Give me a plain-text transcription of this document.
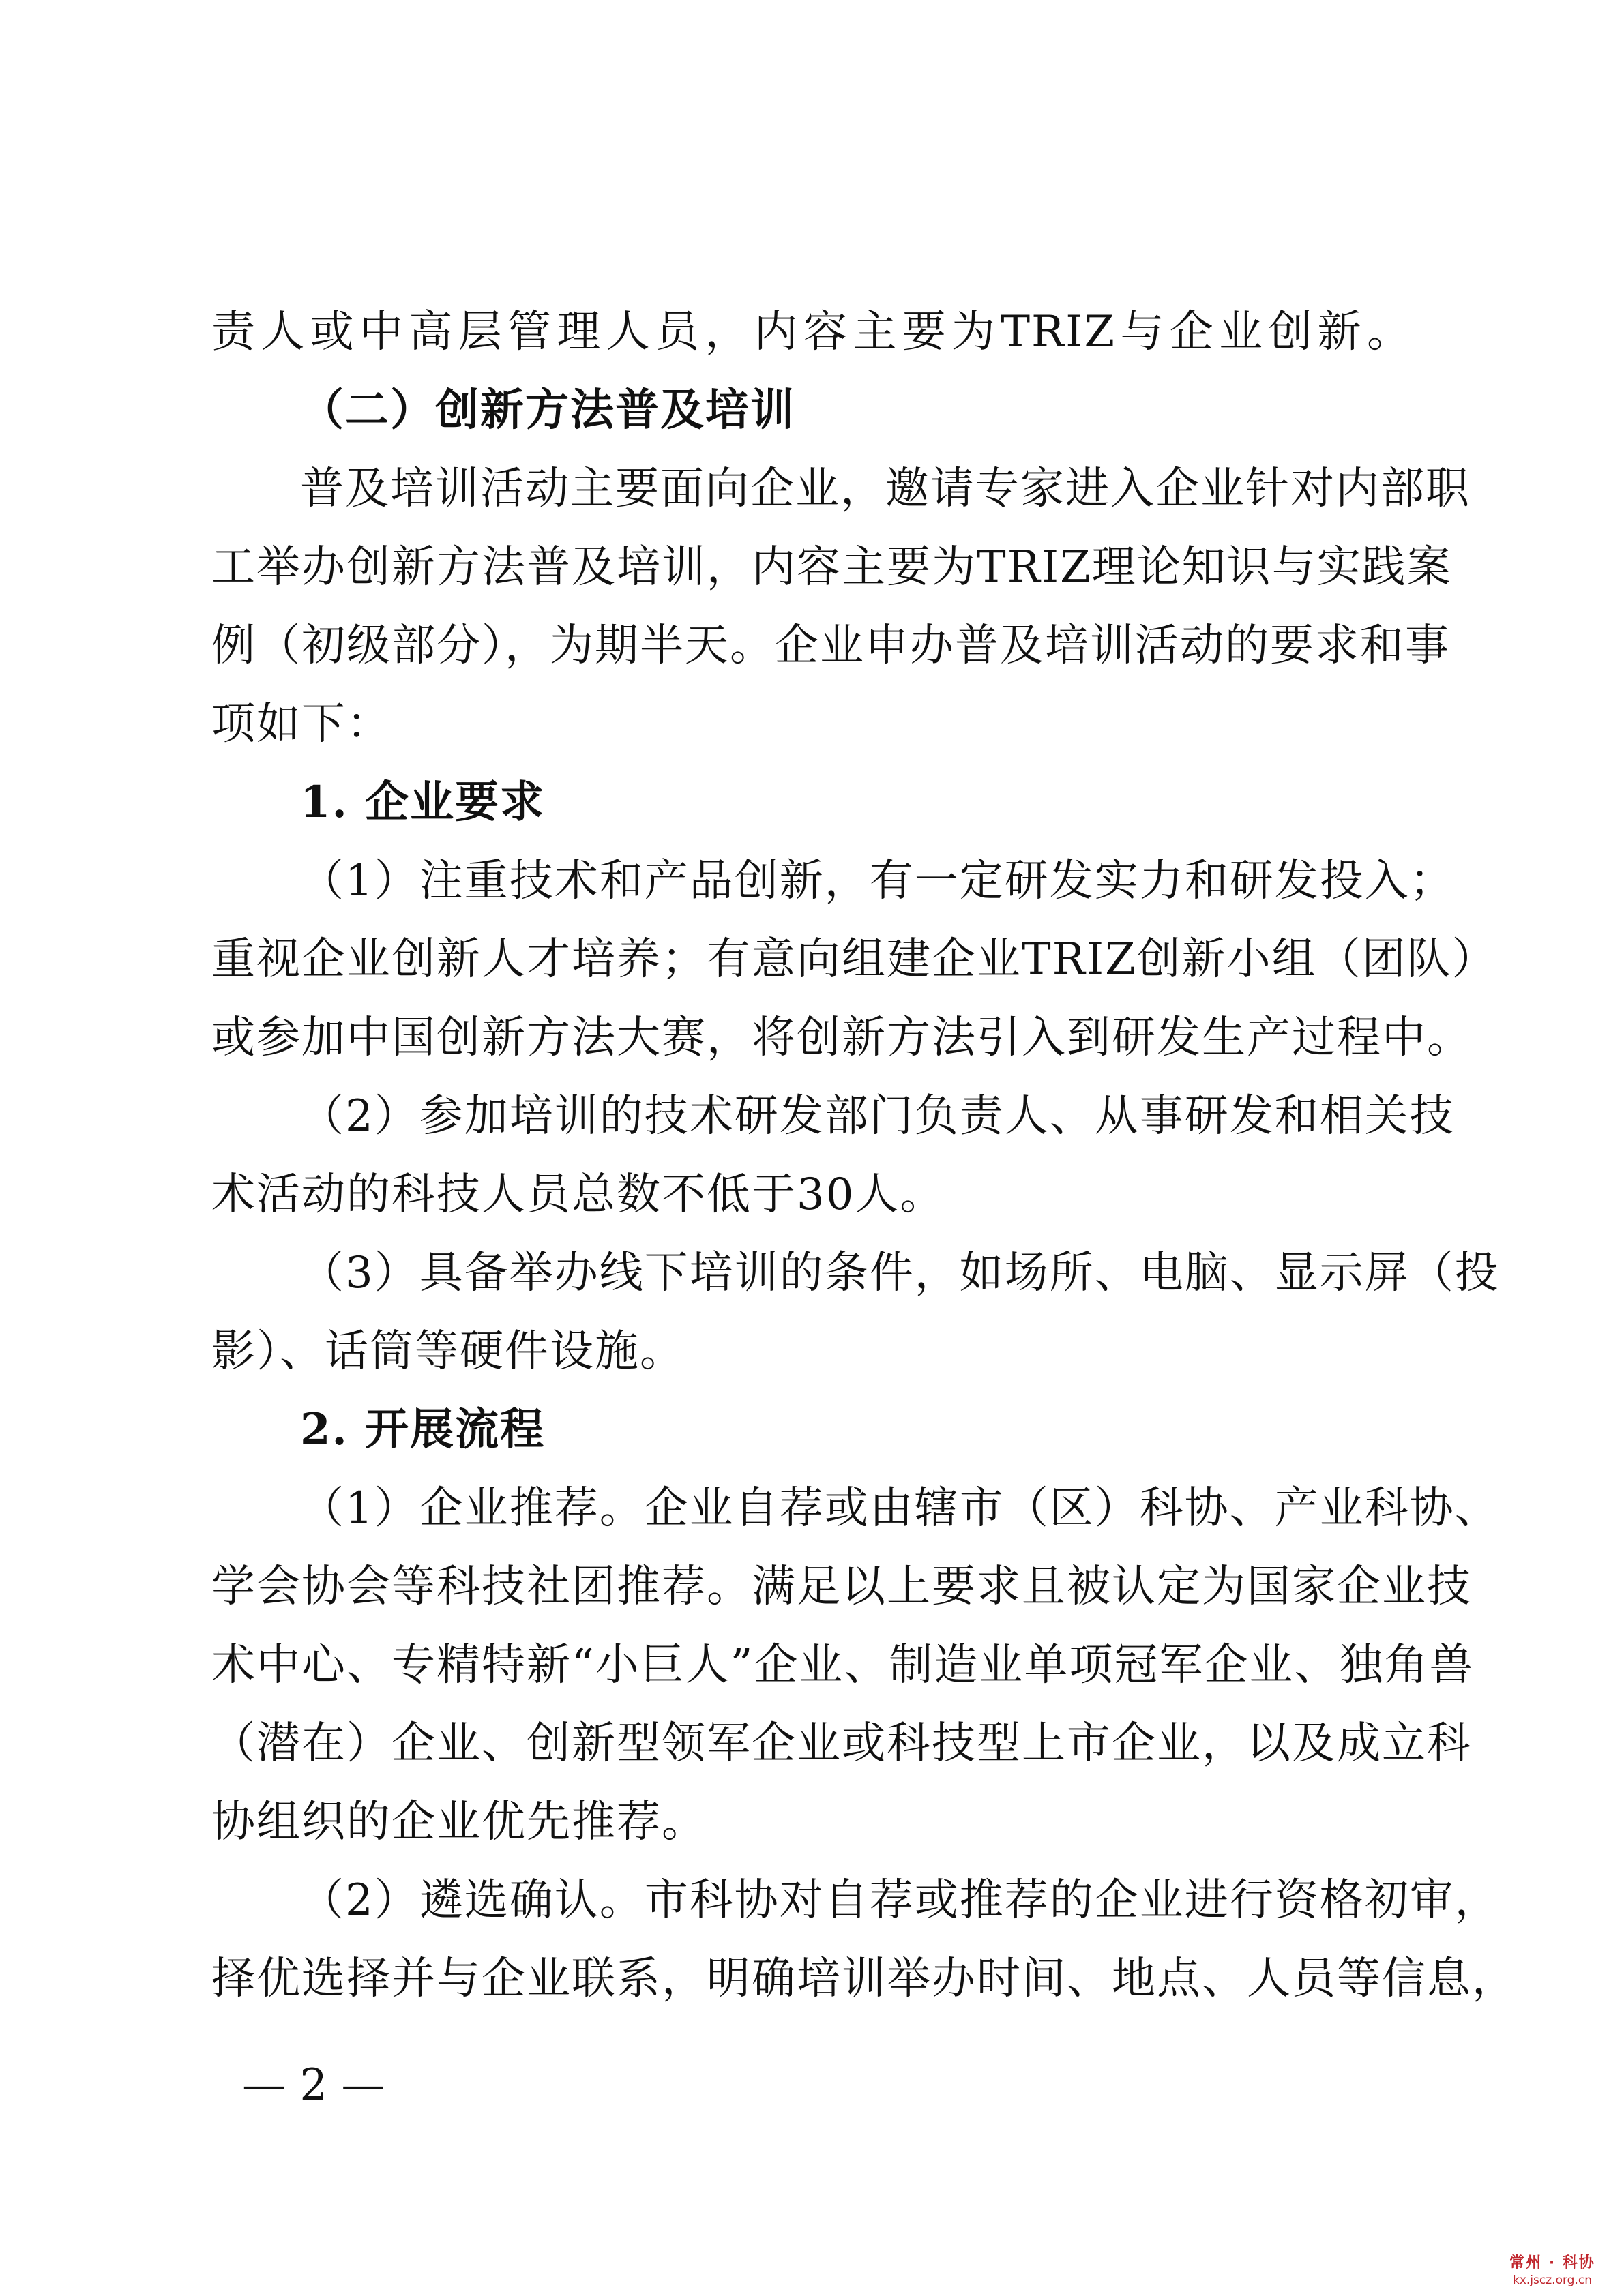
责人或中高层管理人员，内容主要为TRIZ与企业创新。

（二）创新方法普及培训

普及培训活动主要面向企业，邀请专家进入企业针对内部职

工举办创新方法普及培训，内容主要为TRIZ理论知识与实践案

例（初级部分），为期半天。企业申办普及培训活动的要求和事

项如下：

1. 企业要求

（1）注重技术和产品创新，有一定研发实力和研发投入；

重视企业创新人才培养；有意向组建企业TRIZ创新小组（团队）

或参加中国创新方法大赛，将创新方法引入到研发生产过程中。

（2）参加培训的技术研发部门负责人、从事研发和相关技

术活动的科技人员总数不低于30人。

（3）具备举办线下培训的条件，如场所、电脑、显示屏（投

影）、话筒等硬件设施。

2. 开展流程

（1）企业推荐。企业自荐或由辖市（区）科协、产业科协、

学会协会等科技社团推荐。满足以上要求且被认定为国家企业技

术中心、专精特新“小巨人”企业、制造业单项冠军企业、独角兽

（潜在）企业、创新型领军企业或科技型上市企业，以及成立科

协组织的企业优先推荐。

（2）遴选确认。市科协对自荐或推荐的企业进行资格初审，

择优选择并与企业联系，明确培训举办时间、地点、人员等信息，

— 2 —
常州 · 科协
kx.jscz.org.cn
